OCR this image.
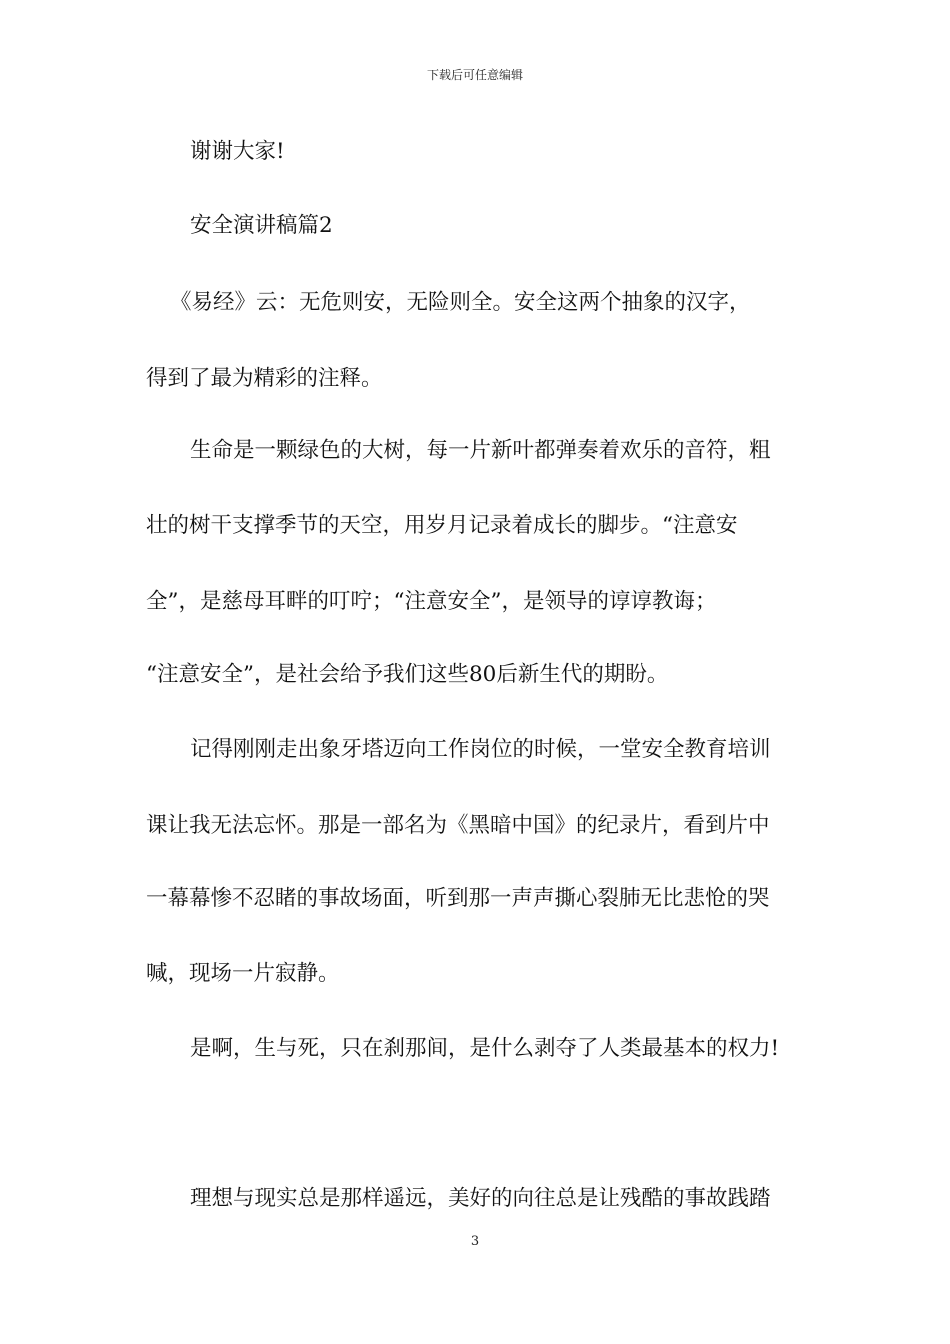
下载后可任意编辑
谢谢大家!
安全演讲稿篇2
《易经》云：无危则安，无险则全。安全这两个抽象的汉字，
得到了最为精彩的注释。
生命是一颗绿色的大树，每一片新叶都弹奏着欢乐的音符，粗
壮的树干支撑季节的天空，用岁月记录着成长的脚步。“注意安
全”，是慈母耳畔的叮咛；“注意安全”，是领导的谆谆教诲；
“注意安全”，是社会给予我们这些80后新生代的期盼。
记得刚刚走出象牙塔迈向工作岗位的时候，一堂安全教育培训
课让我无法忘怀。那是一部名为《黑暗中国》的纪录片，看到片中
一幕幕惨不忍睹的事故场面，听到那一声声撕心裂肺无比悲怆的哭
喊，现场一片寂静。
是啊，生与死，只在刹那间，是什么剥夺了人类最基本的权力!
理想与现实总是那样遥远，美好的向往总是让残酷的事故践踏
3
